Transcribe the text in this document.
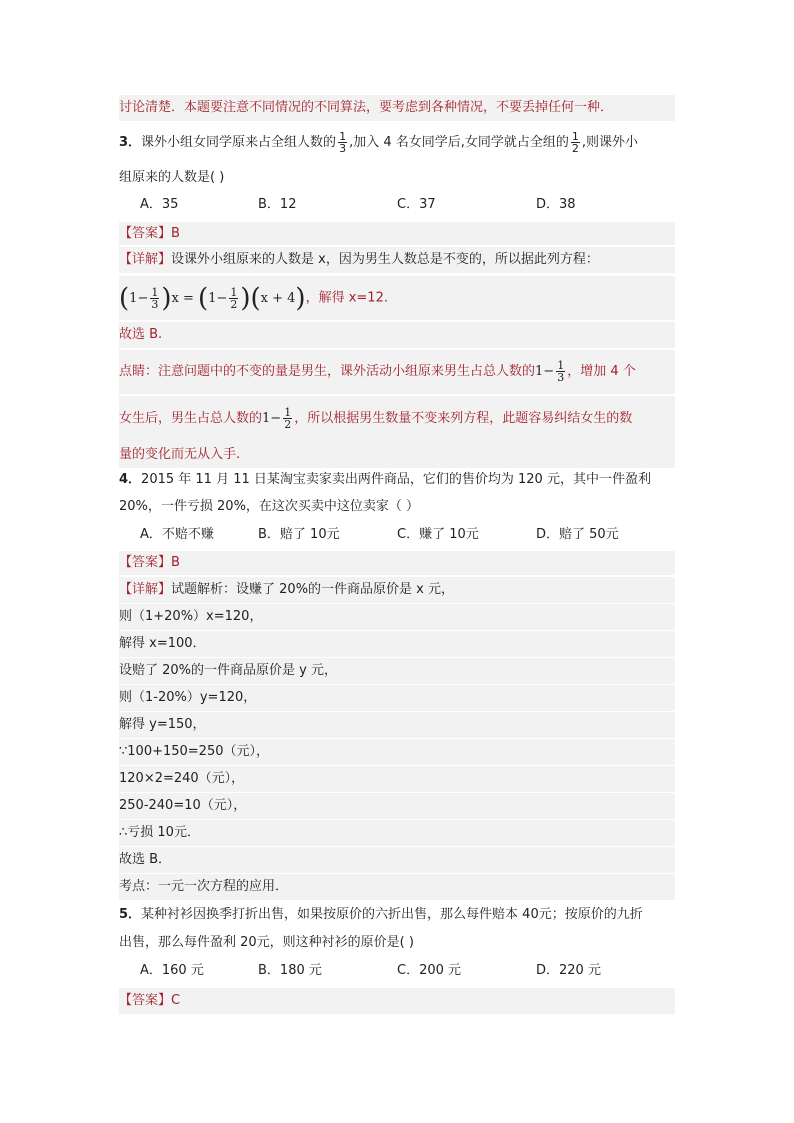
讨论清楚．本题要注意不同情况的不同算法，要考虑到各种情况，不要丢掉任何一种．
3．课外小组女同学原来占全组人数的 $\frac{1}{3}$ ,加入 4 名女同学后,女同学就占全组的 $\frac{1}{2}$ ,则课外小
组原来的人数是( )
A．35	B．12	C．37	D．38
【答案】B
【详解】设课外小组原来的人数是 x，因为男生人数总是不变的，所以据此列方程：
$(1- \frac{1}{3} )x = (1- \frac{1}{2} )(x + 4)$，解得 x=12.
故选 B.
点睛：注意问题中的不变的量是男生，课外活动小组原来男生占总人数的$1- \frac{1}{3}$ ，增加 4 个
女生后，男生占总人数的$1- \frac{1}{2}$ ，所以根据男生数量不变来列方程，此题容易纠结女生的数
量的变化而无从入手.
4．2015 年 11 月 11 日某淘宝卖家卖出两件商品，它们的售价均为 120 元，其中一件盈利
20%，一件亏损 20%，在这次买卖中这位卖家（ ）
A．不赔不赚	B．赔了 10元	C．赚了 10元	D．赔了 50元
【答案】B
【详解】试题解析：设赚了 20%的一件商品原价是 x 元，
则（1+20%）x=120，
解得 x=100．
设赔了 20%的一件商品原价是 y 元，
则（1-20%）y=120，
解得 y=150，
∵100+150=250（元），
120×2=240（元），
250-240=10（元），
∴亏损 10元．
故选 B．
考点：一元一次方程的应用．
5．某种衬衫因换季打折出售，如果按原价的六折出售，那么每件赔本 40元；按原价的九折
出售，那么每件盈利 20元，则这种衬衫的原价是( )
A．160 元	B．180 元	C．200 元	D．220 元
【答案】C
